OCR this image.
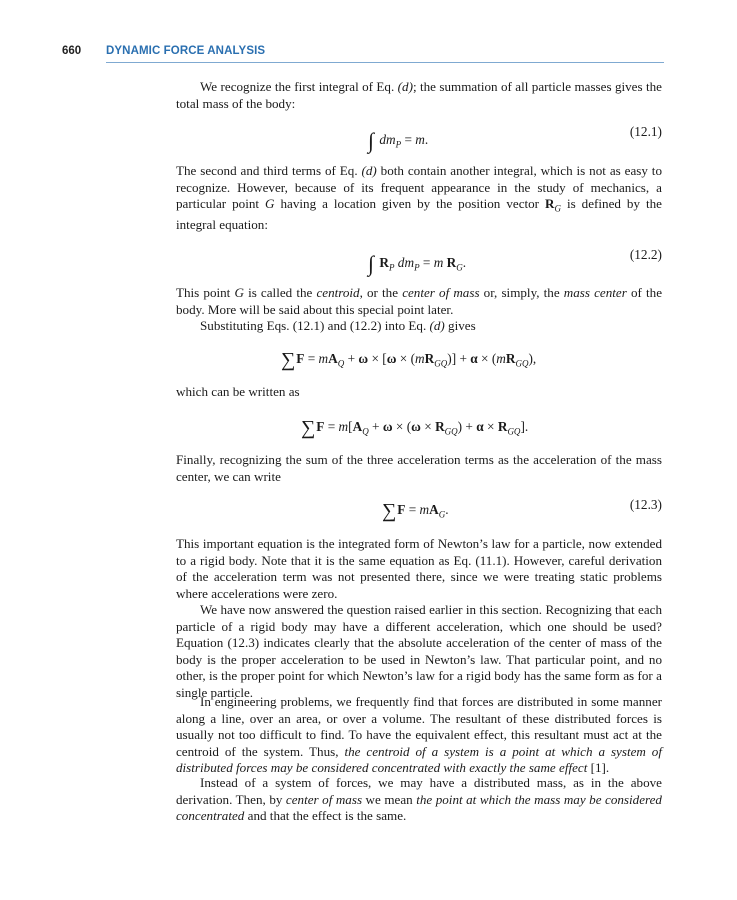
660 DYNAMIC FORCE ANALYSIS

We recognize the first integral of Eq. (d); the summation of all particle masses gives the total mass of the body:

∫ $dm_P = m$.
(12.1)

The second and third terms of Eq. (d) both contain another integral, which is not as easy to recognize. However, because of its frequent appearance in the study of mechanics, a particular point G having a location given by the position vector $R_G$ is defined by the integral equation:

∫ $R_P$ $dm_P = m$ $R_G$.
(12.2)

This point G is called the centroid, or the center of mass or, simply, the mass center of the body. More will be said about this special point later.

Substituting Eqs. (12.1) and (12.2) into Eq. (d) gives

$\sum F = mA_Q + \omega \times [\omega \times (mR_{GQ})] + \alpha \times (mR_{GQ})$,

which can be written as

$\sum F = m[A_Q + \omega \times (\omega \times R_{GQ}) + \alpha \times R_{GQ}]$.

Finally, recognizing the sum of the three acceleration terms as the acceleration of the mass center, we can write

$\sum F = mA_G$.	(12.3)

This important equation is the integrated form of Newton’s law for a particle, now extended to a rigid body. Note that it is the same equation as Eq. (11.1). However, careful derivation of the acceleration term was not presented there, since we were treating static problems where accelerations were zero.

We have now answered the question raised earlier in this section. Recognizing that each particle of a rigid body may have a different acceleration, which one should be used? Equation (12.3) indicates clearly that the absolute acceleration of the center of mass of the body is the proper acceleration to be used in Newton’s law. That particular point, and no other, is the proper point for which Newton’s law for a rigid body has the same form as for a single particle.

In engineering problems, we frequently find that forces are distributed in some manner along a line, over an area, or over a volume. The resultant of these distributed forces is usually not too difficult to find. To have the equivalent effect, this resultant must act at the centroid of the system. Thus, the centroid of a system is a point at which a system of distributed forces may be considered concentrated with exactly the same effect [1].

Instead of a system of forces, we may have a distributed mass, as in the above derivation. Then, by center of mass we mean the point at which the mass may be considered concentrated and that the effect is the same.
